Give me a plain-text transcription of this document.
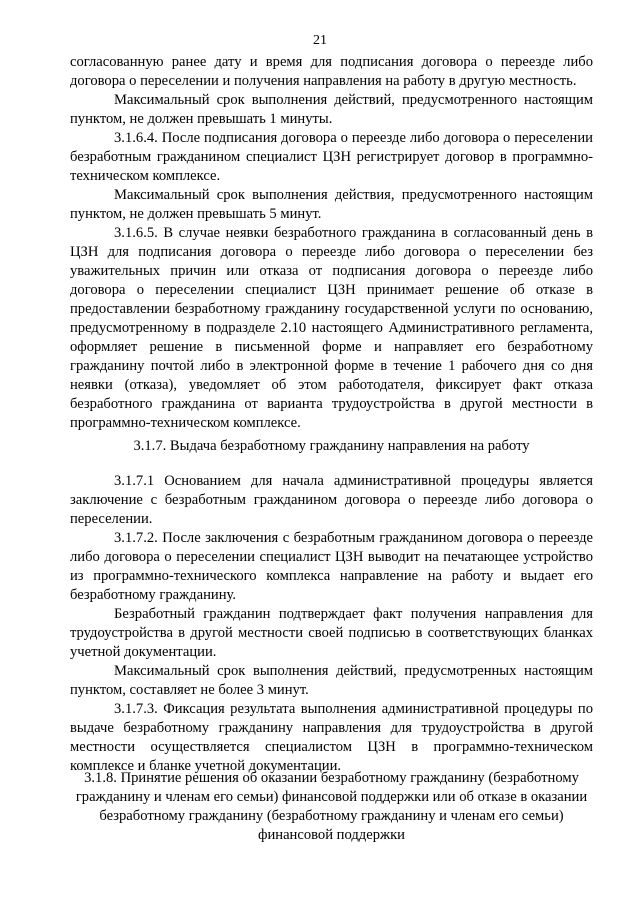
21

согласованную ранее дату и время для подписания договора о переезде либо договора о переселении и получения направления на работу в другую местность.

Максимальный срок выполнения действий, предусмотренного настоящим пунктом, не должен превышать 1 минуты.

3.1.6.4. После подписания договора о переезде либо договора о переселении безработным гражданином специалист ЦЗН регистрирует договор в программно-техническом комплексе.

Максимальный срок выполнения действия, предусмотренного настоящим пунктом, не должен превышать 5 минут.

3.1.6.5. В случае неявки безработного гражданина в согласованный день в ЦЗН для подписания договора о переезде либо договора о переселении без уважительных причин или отказа от подписания договора о переезде либо договора о переселении специалист ЦЗН принимает решение об отказе в предоставлении безработному гражданину государственной услуги по основанию, предусмотренному в подразделе 2.10 настоящего Административного регламента, оформляет решение в письменной форме и направляет его безработному гражданину почтой либо в электронной форме в течение 1 рабочего дня со дня неявки (отказа), уведомляет об этом работодателя, фиксирует факт отказа безработного гражданина от варианта трудоустройства в другой местности в программно-техническом комплексе.

3.1.7. Выдача безработному гражданину направления на работу

3.1.7.1 Основанием для начала административной процедуры является заключение с безработным гражданином договора о переезде либо договора о переселении.

3.1.7.2. После заключения с безработным гражданином договора о переезде либо договора о переселении специалист ЦЗН выводит на печатающее устройство из программно-технического комплекса направление на работу и выдает его безработному гражданину.

Безработный гражданин подтверждает факт получения направления для трудоустройства в другой местности своей подписью в соответствующих бланках учетной документации.

Максимальный срок выполнения действий, предусмотренных настоящим пунктом, составляет не более 3 минут.

3.1.7.3. Фиксация результата выполнения административной процедуры по выдаче безработному гражданину направления для трудоустройства в другой местности осуществляется специалистом ЦЗН в программно-техническом комплексе и бланке учетной документации.

3.1.8. Принятие решения об оказании безработному гражданину (безработному гражданину и членам его семьи) финансовой поддержки или об отказе в оказании безработному гражданину (безработному гражданину и членам его семьи) финансовой поддержки
